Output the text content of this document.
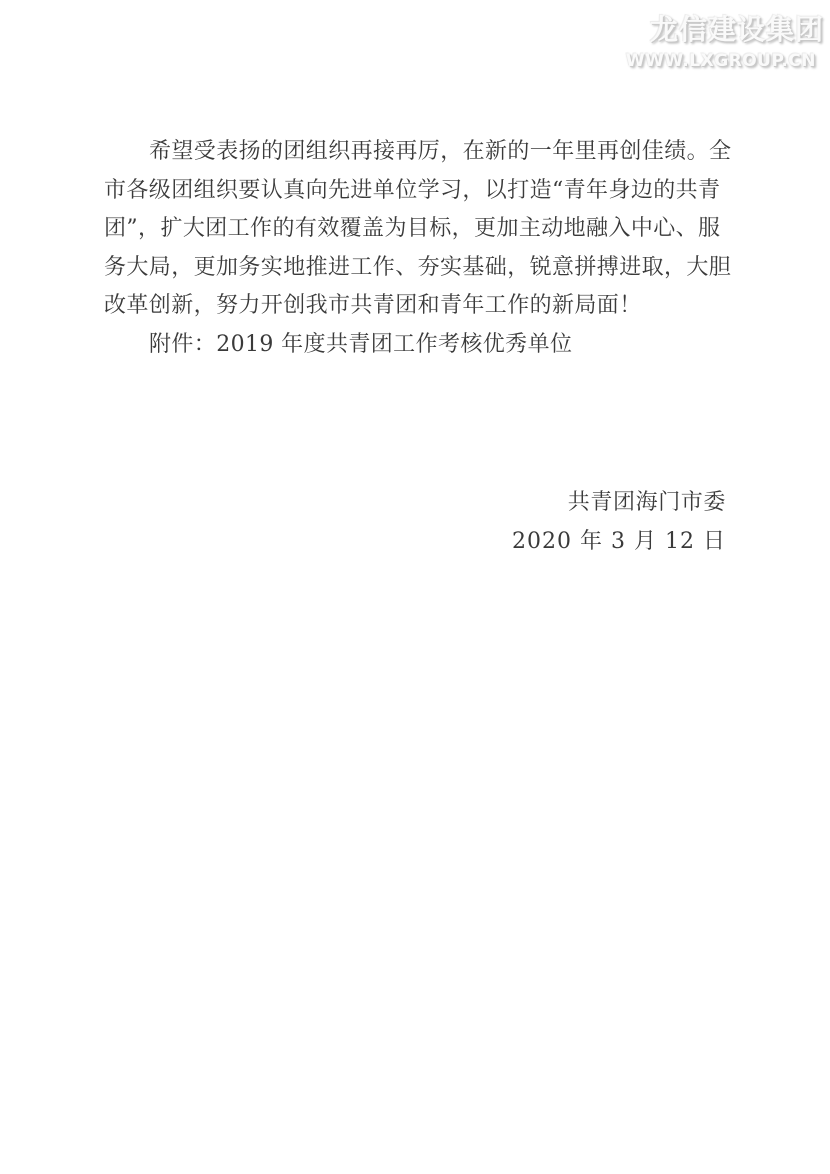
龙信建设集团
WWW.LXGROUP.CN
希望受表扬的团组织再接再厉，在新的一年里再创佳绩。全
市各级团组织要认真向先进单位学习，以打造“青年身边的共青
团”，扩大团工作的有效覆盖为目标，更加主动地融入中心、服
务大局，更加务实地推进工作、夯实基础，锐意拼搏进取，大胆
改革创新，努力开创我市共青团和青年工作的新局面！
附件：2019 年度共青团工作考核优秀单位
共青团海门市委
2020 年 3 月 12 日
